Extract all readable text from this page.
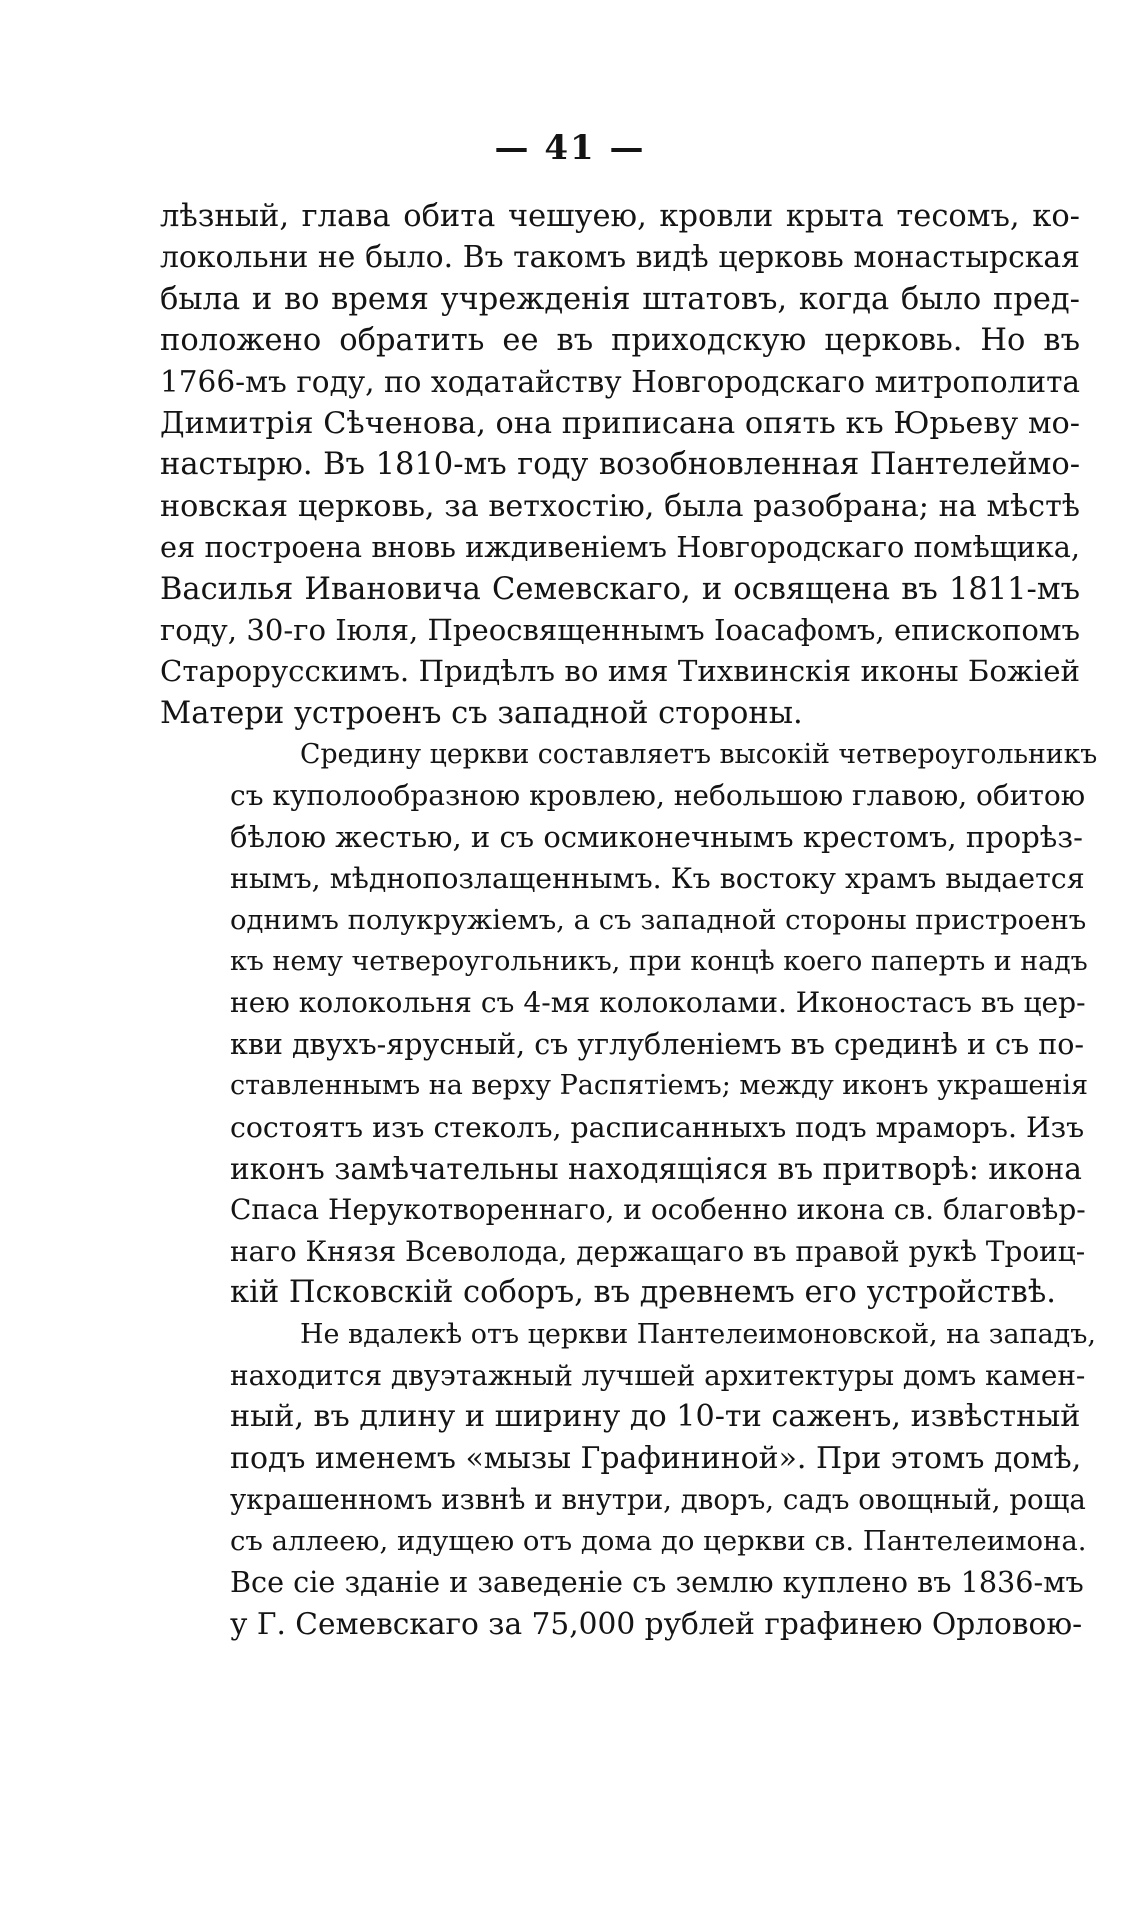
— 41 —
лѣзный, глава обита чешуею, кровли крыта тесомъ, ко-
локольни не было. Въ такомъ видѣ церковь монастырская
была и во время учрежденія штатовъ, когда было пред-
положено обратить ее въ приходскую церковь. Но въ
1766-мъ году, по ходатайству Новгородскаго митрополита
Димитрія Сѣченова, она приписана опять къ Юрьеву мо-
настырю. Въ 1810-мъ году возобновленная Пантелеймо-
новская церковь, за ветхостію, была разобрана; на мѣстѣ
ея построена вновь иждивеніемъ Новгородскаго помѣщика,
Василья Ивановича Семевскаго, и освящена въ 1811-мъ
году, 30-го Іюля, Преосвященнымъ Іоасафомъ, епископомъ
Старорусскимъ. Придѣлъ во имя Тихвинскія иконы Божіей
Матери устроенъ съ западной стороны.
Средину церкви составляетъ высокій четвероугольникъ
съ куполообразною кровлею, небольшою главою, обитою
бѣлою жестью, и съ осмиконечнымъ крестомъ, прорѣз-
нымъ, мѣднопозлащеннымъ. Къ востоку храмъ выдается
однимъ полукружіемъ, а съ западной стороны пристроенъ
къ нему четвероугольникъ, при концѣ коего паперть и надъ
нею колокольня съ 4-мя колоколами. Иконостасъ въ цер-
кви двухъ-ярусный, съ углубленіемъ въ срединѣ и съ по-
ставленнымъ на верху Распятіемъ; между иконъ украшенія
состоятъ изъ стеколъ, расписанныхъ подъ мраморъ. Изъ
иконъ замѣчательны находящіяся въ притворѣ: икона
Спаса Нерукотвореннаго, и особенно икона св. благовѣр-
наго Князя Всеволода, держащаго въ правой рукѣ Троиц-
кій Псковскій соборъ, въ древнемъ его устройствѣ.
Не вдалекѣ отъ церкви Пантелеимоновской, на западъ,
находится двуэтажный лучшей архитектуры домъ камен-
ный, въ длину и ширину до 10-ти саженъ, извѣстный
подъ именемъ «мызы Графининой». При этомъ домѣ,
украшенномъ извнѣ и внутри, дворъ, садъ овощный, роща
съ аллеею, идущею отъ дома до церкви св. Пантелеимона.
Все сіе зданіе и заведеніе съ землю куплено въ 1836-мъ
у Г. Семевскаго за 75,000 рублей графинею Орловою-
